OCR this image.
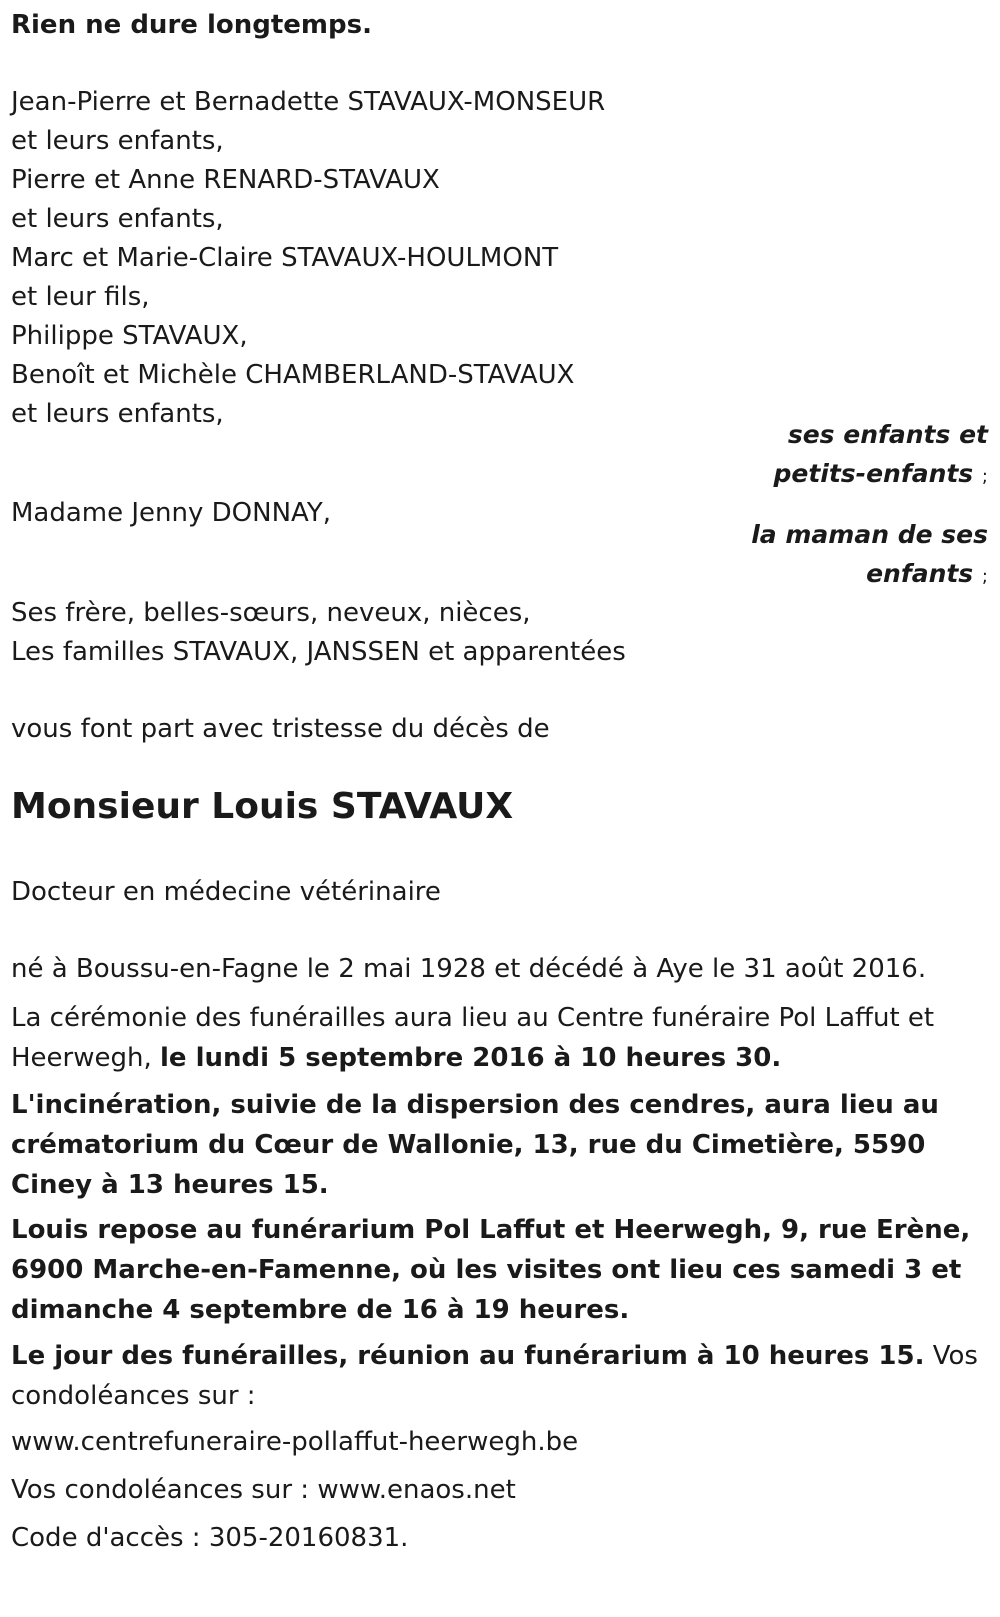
Rien ne dure longtemps.
Jean-Pierre et Bernadette STAVAUX-MONSEUR
et leurs enfants,
Pierre et Anne RENARD-STAVAUX
et leurs enfants,
Marc et Marie-Claire STAVAUX-HOULMONT
et leur fils,
Philippe STAVAUX,
Benoît et Michèle CHAMBERLAND-STAVAUX
et leurs enfants,
ses enfants et
petits-enfants ;
Madame Jenny DONNAY,
la maman de ses
enfants ;
Ses frère, belles-sœurs, neveux, nièces,
Les familles STAVAUX, JANSSEN et apparentées
vous font part avec tristesse du décès de
Monsieur Louis STAVAUX
Docteur en médecine vétérinaire
né à Boussu-en-Fagne le 2 mai 1928 et décédé à Aye le 31 août 2016.
La cérémonie des funérailles aura lieu au Centre funéraire Pol Laffut et Heerwegh, le lundi 5 septembre 2016 à 10 heures 30.
L'incinération, suivie de la dispersion des cendres, aura lieu au crématorium du Cœur de Wallonie, 13, rue du Cimetière, 5590 Ciney à 13 heures 15.
Louis repose au funérarium Pol Laffut et Heerwegh, 9, rue Erène, 6900 Marche-en-Famenne, où les visites ont lieu ces samedi 3 et dimanche 4 septembre de 16 à 19 heures.
Le jour des funérailles, réunion au funérarium à 10 heures 15. Vos condoléances sur :
www.centrefuneraire-pollaffut-heerwegh.be
Vos condoléances sur : www.enaos.net
Code d'accès : 305-20160831.
